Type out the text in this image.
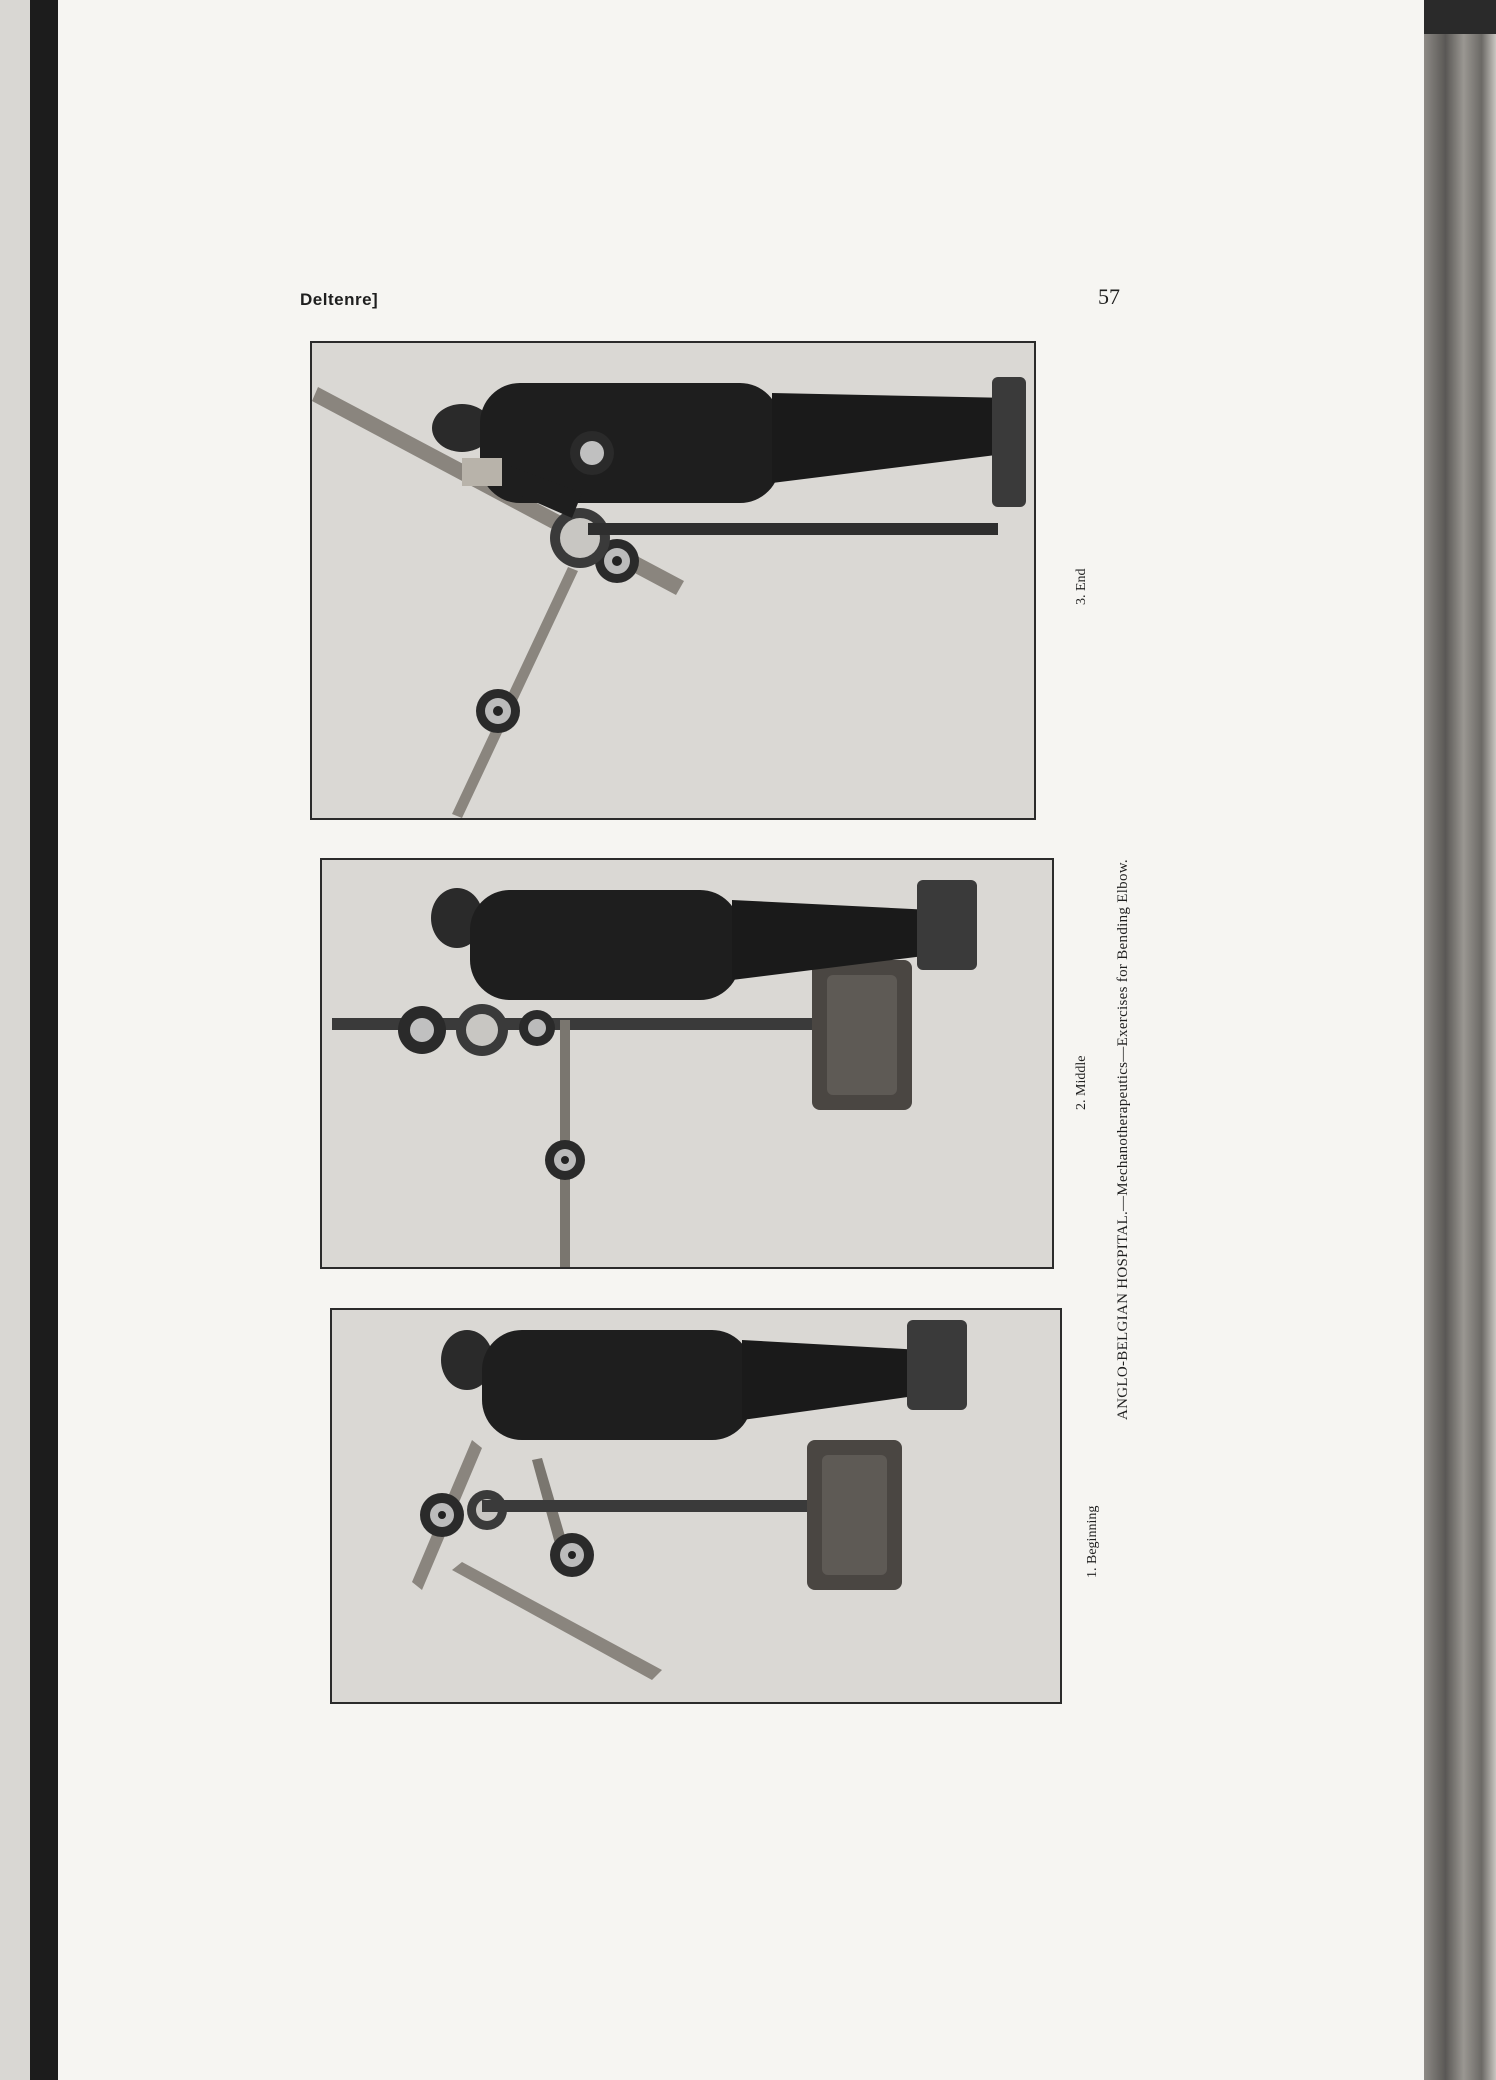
Deltenre]	57
3. End
2. Middle
1. Beginning
ANGLO-BELGIAN HOSPITAL.—Mechanotherapeutics—Exercises for Bending Elbow.
